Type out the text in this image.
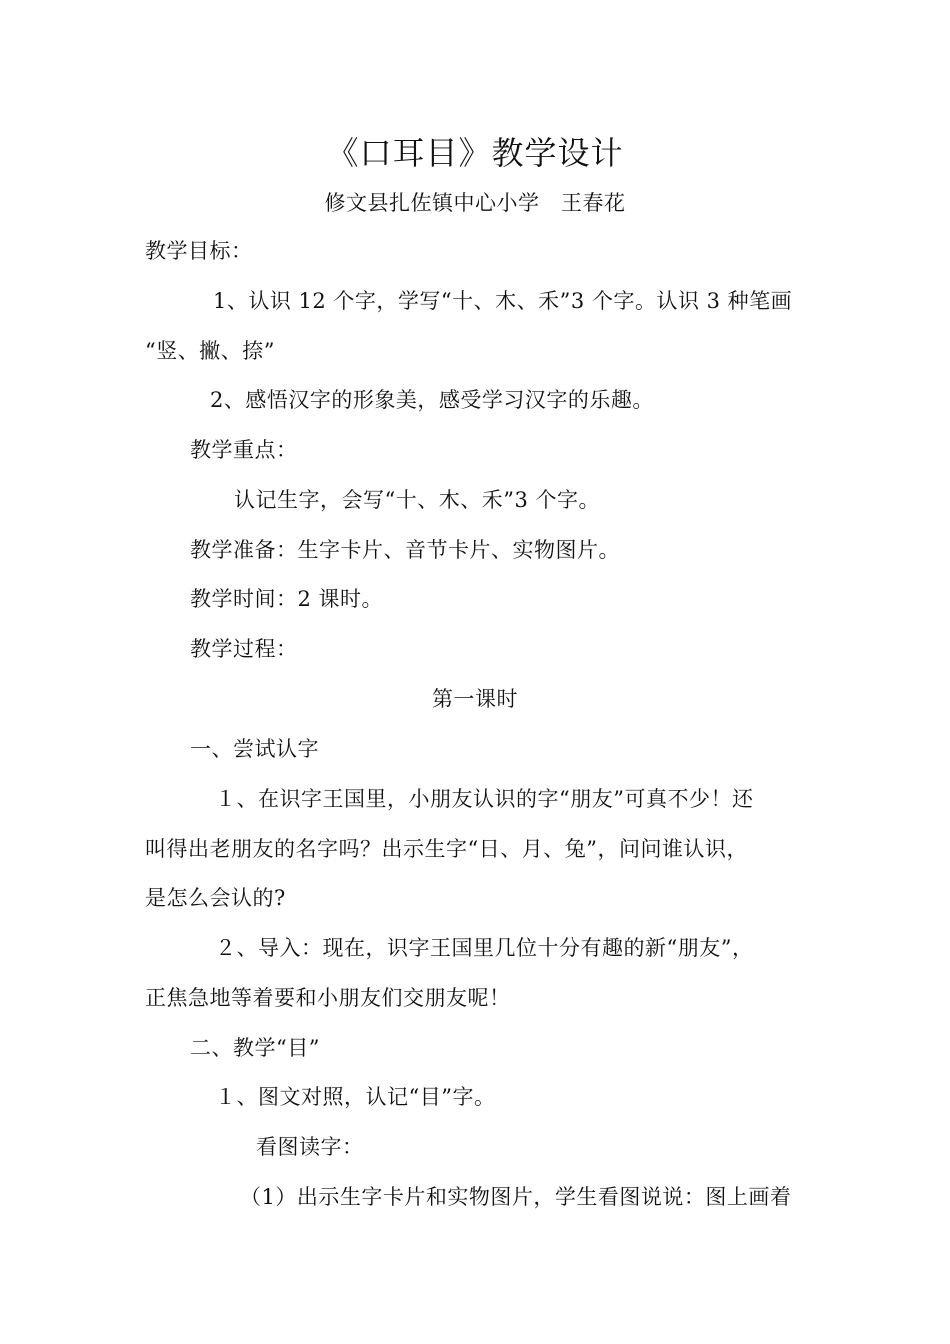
《口耳目》教学设计
修文县扎佐镇中心小学　王春花
教学目标：
1、认识 12 个字，学写“十、木、禾”3 个字。认识 3 种笔画
“竖、撇、捺”
2、感悟汉字的形象美，感受学习汉字的乐趣。
教学重点：
认记生字，会写“十、木、禾”3 个字。
教学准备：生字卡片、音节卡片、实物图片。
教学时间：2 课时。
教学过程：
第一课时
一、尝试认字
１、在识字王国里，小朋友认识的字“朋友”可真不少！还
叫得出老朋友的名字吗？出示生字“日、月、兔”，问问谁认识，
是怎么会认的?
２、导入：现在，识字王国里几位十分有趣的新“朋友”，
正焦急地等着要和小朋友们交朋友呢！
二、教学“目”
１、图文对照，认记“目”字。
看图读字：
（1）出示生字卡片和实物图片，学生看图说说：图上画着
